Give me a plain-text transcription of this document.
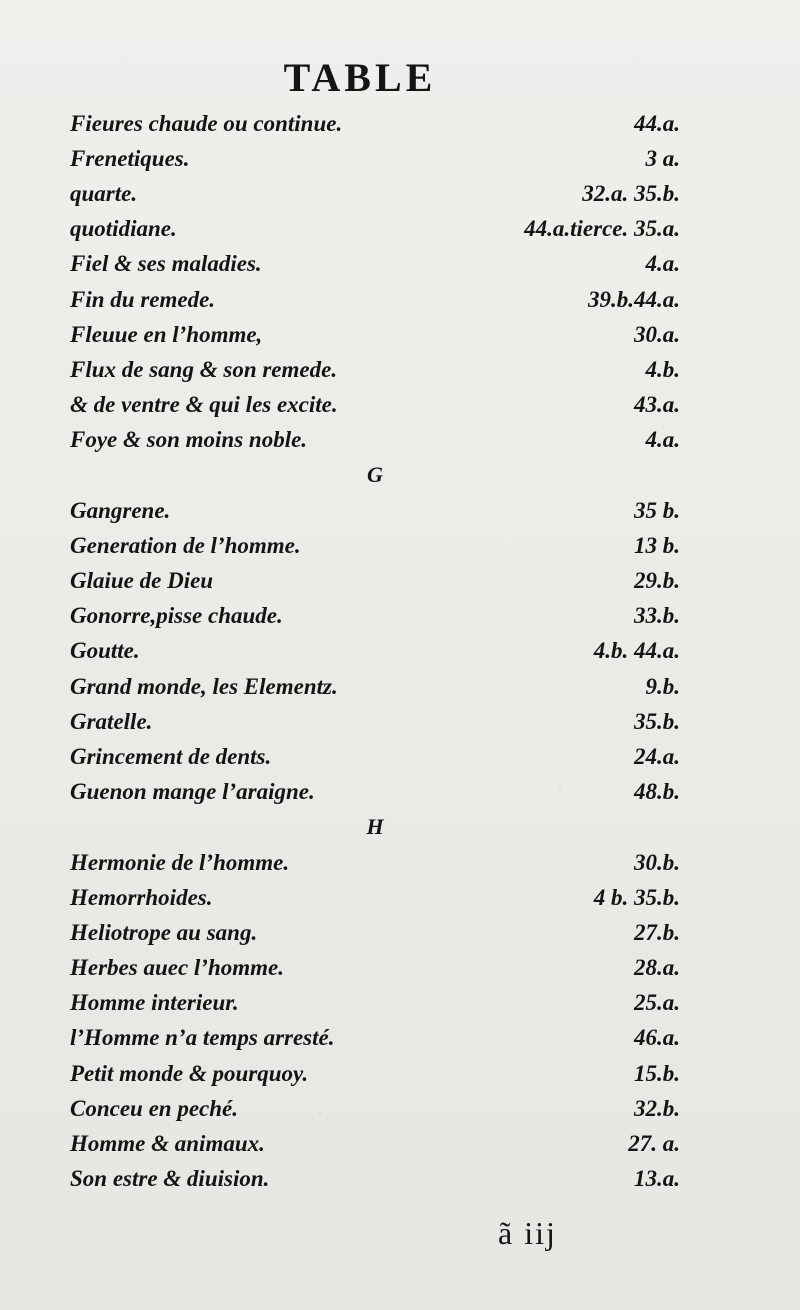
TABLE
Fieures chaude ou continue.	44.a.
Frenetiques.	3 a.
quarte.	32.a. 35.b.
quotidiane.	44.a.tierce. 35.a.
Fiel & ses maladies.	4.a.
Fin du remede.	39.b.44.a.
Fleuue en l’homme,	30.a.
Flux de sang & son remede.	4.b.
& de ventre & qui les excite.	43.a.
Foye & son moins noble.	4.a.
G
Gangrene.	35 b.
Generation de l’homme.	13 b.
Glaiue de Dieu	29.b.
Gonorre,pisse chaude.	33.b.
Goutte.	4.b. 44.a.
Grand monde, les Elementz.	9.b.
Gratelle.	35.b.
Grincement de dents.	24.a.
Guenon mange l’araigne.	48.b.
H
Hermonie de l’homme.	30.b.
Hemorrhoides.	4 b. 35.b.
Heliotrope au sang.	27.b.
Herbes auec l’homme.	28.a.
Homme interieur.	25.a.
l’Homme n’a temps arresté.	46.a.
Petit monde & pourquoy.	15.b.
Conceu en peché.	32.b.
Homme & animaux.	27. a.
Son estre & diuision.	13.a.
ã iij
